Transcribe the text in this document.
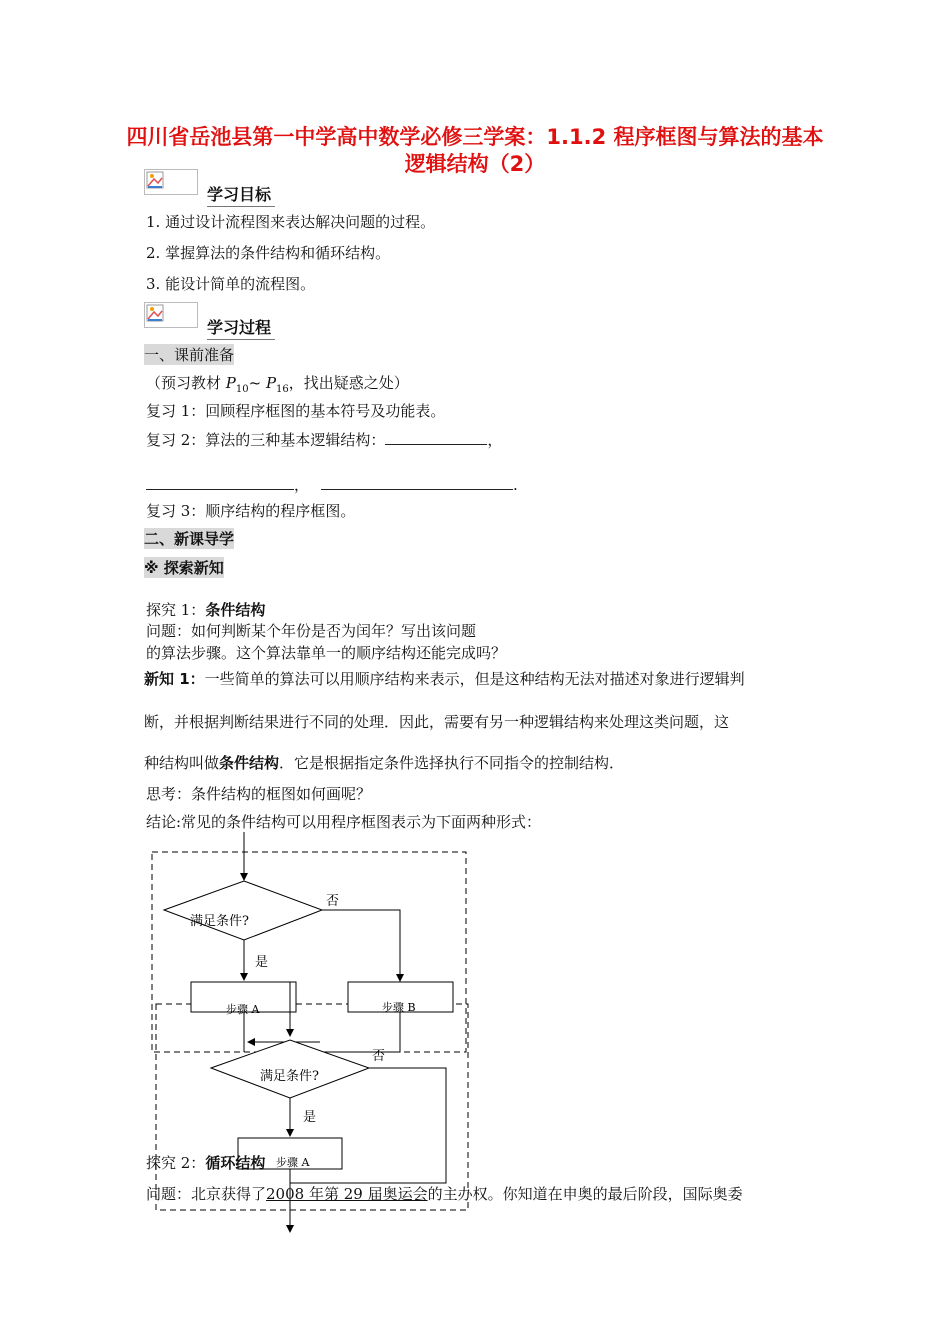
四川省岳池县第一中学高中数学必修三学案：1.1.2 程序框图与算法的基本逻辑结构（2）
学习目标
1. 通过设计流程图来表达解决问题的过程。
2. 掌握算法的条件结构和循环结构。
3. 能设计简单的流程图。
学习过程
一、课前准备
（预习教材 $P_{10}\sim$ $P_{16}$，找出疑惑之处）
复习 1：回顾程序框图的基本符号及功能表。
复习 2：算法的三种基本逻辑结构：	，
，	.
复习 3：顺序结构的程序框图。
二、新课导学
※ 探索新知
探究 1：条件结构
问题：如何判断某个年份是否为闰年？写出该问题
的算法步骤。这个算法靠单一的顺序结构还能完成吗？
新知 1：一些简单的算法可以用顺序结构来表示，但是这种结构无法对描述对象进行逻辑判
断，并根据判断结果进行不同的处理．因此，需要有另一种逻辑结构来处理这类问题，这
种结构叫做条件结构．它是根据指定条件选择执行不同指令的控制结构．
思考：条件结构的框图如何画呢？
结论:常见的条件结构可以用程序框图表示为下面两种形式：
满足条件?
是
否
步骤 A	步骤 B
满足条件?
否
是
步骤 A
探究 2：循环结构
问题：北京获得了2008 年第 29 届奥运会的主办权。你知道在申奥的最后阶段，国际奥委
